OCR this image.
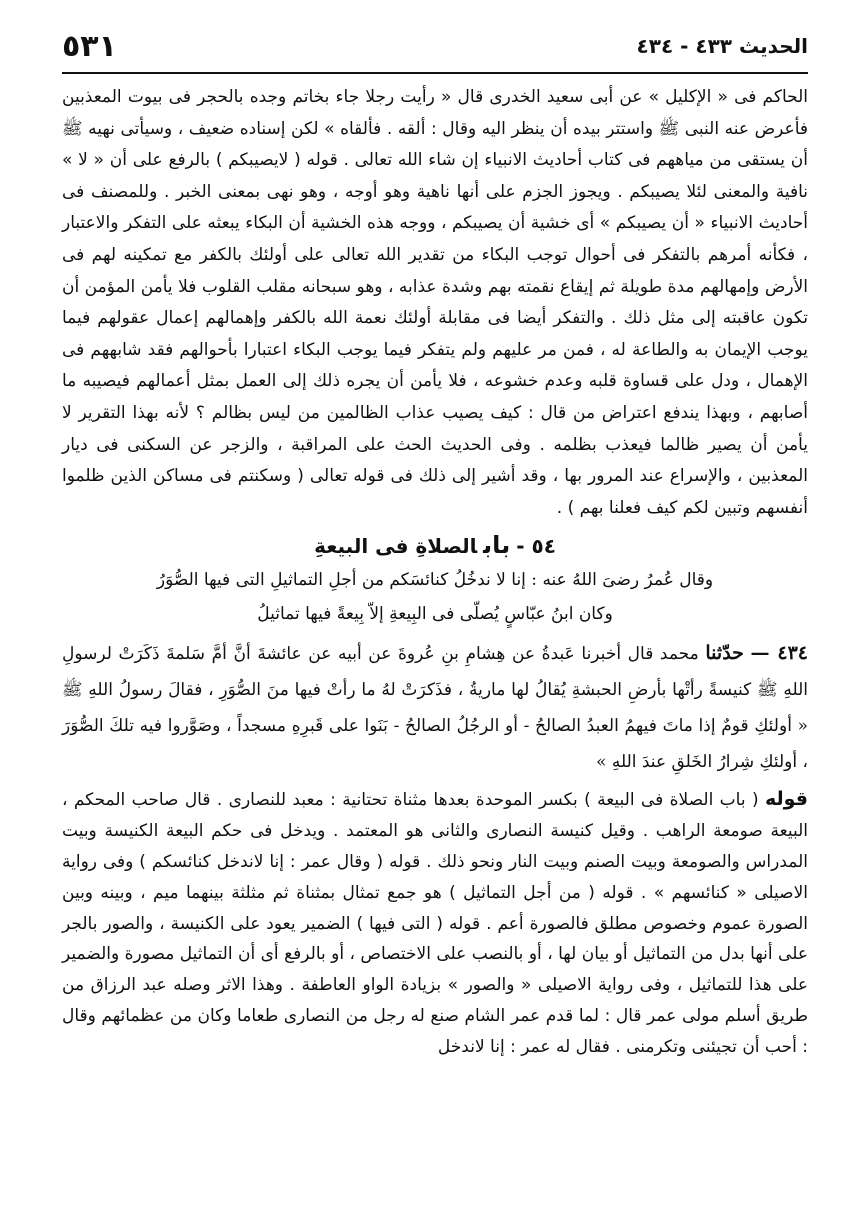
الحديث ٤٣٣ - ٤٣٤
٥٣١

الحاكم فى « الإكليل » عن أبى سعيد الخدرى قال « رأيت رجلا جاء بخاتم وجده بالحجر فى بيوت المعذبين فأعرض عنه النبى ﷺ واستتر بيده أن ينظر اليه وقال : ألقه . فألقاه » لكن إسناده ضعيف ، وسيأتى نهيه ﷺ أن يستقى من مياههم فى كتاب أحاديث الانبياء إن شاء الله تعالى . قوله ( لايصيبكم ) بالرفع على أن « لا » نافية والمعنى لئلا يصيبكم . ويجوز الجزم على أنها ناهية وهو أوجه ، وهو نهى بمعنى الخبر . وللمصنف فى أحاديث الانبياء « أن يصيبكم » أى خشية أن يصيبكم ، ووجه هذه الخشية أن البكاء يبعثه على التفكر والاعتبار ، فكأنه أمرهم بالتفكر فى أحوال توجب البكاء من تقدير الله تعالى على أولئك بالكفر مع تمكينه لهم فى الأرض وإمهالهم مدة طويلة ثم إيقاع نقمته بهم وشدة عذابه ، وهو سبحانه مقلب القلوب فلا يأمن المؤمن أن تكون عاقبته إلى مثل ذلك . والتفكر أيضا فى مقابلة أولئك نعمة الله بالكفر وإهمالهم إعمال عقولهم فيما يوجب الإيمان به والطاعة له ، فمن مر عليهم ولم يتفكر فيما يوجب البكاء اعتبارا بأحوالهم فقد شابههم فى الإهمال ، ودل على قساوة قلبه وعدم خشوعه ، فلا يأمن أن يجره ذلك إلى العمل بمثل أعمالهم فيصيبه ما أصابهم ، وبهذا يندفع اعتراض من قال : كيف يصيب عذاب الظالمين من ليس بظالم ؟ لأنه بهذا التقرير لا يأمن أن يصير ظالما فيعذب بظلمه . وفى الحديث الحث على المراقبة ، والزجر عن السكنى فى ديار المعذبين ، والإسراع عند المرور بها ، وقد أشير إلى ذلك فى قوله تعالى ( وسكنتم فى مساكن الذين ظلموا أنفسهم وتبين لكم كيف فعلنا بهم ) .

٥٤ -بابالصلاةِ فى البيعةِ

وقال عُمرُ رضىَ اللهُ عنه : إنا لا ندخُلُ كنائسَكم من أجلِ التماثيلِ التى فيها الصُّوَرُ

وكان ابنُ عبّاسٍ يُصلّى فى البِيعةِ إلاّ بِيعةً فيها تماثيلُ

٤٣٤ — حدّثنا محمد قال أخبرنا عَبدةُ عن هِشامِ بنِ عُروةَ عن أبيه عن عائشةَ أنَّ أمَّ سَلمةَ ذَكَرَتْ لرسولِ اللهِ ﷺ كنيسةً رأتْها بأرضِ الحبشةِ يُقالُ لها ماريةُ ، فذَكرَتْ لهُ ما رأتْ فيها منَ الصُّوَرِ ، فقالَ رسولُ اللهِ ﷺ « أولئكِ قومٌ إذا ماتَ فيهمُ العبدُ الصالحُ - أو الرجُلُ الصالحُ - بَنَوا على قَبرِهِ مسجداً ، وصَوَّروا فيه تلكَ الصُّوَرَ ، أولئكِ شِرارُ الخَلقِ عندَ اللهِ »

قوله ( باب الصلاة فى البيعة ) بكسر الموحدة بعدها مثناة تحتانية : معبد للنصارى . قال صاحب المحكم ، البيعة صومعة الراهب . وقيل كنيسة النصارى والثانى هو المعتمد . ويدخل فى حكم البيعة الكنيسة وبيت المدراس والصومعة وبيت الصنم وبيت النار ونحو ذلك . قوله ( وقال عمر : إنا لاندخل كنائسكم ) وفى رواية الاصيلى « كنائسهم » . قوله ( من أجل التماثيل ) هو جمع تمثال بمثناة ثم مثلثة بينهما ميم ، وبينه وبين الصورة عموم وخصوص مطلق فالصورة أعم . قوله ( التى فيها ) الضمير يعود على الكنيسة ، والصور بالجر على أنها بدل من التماثيل أو بيان لها ، أو بالنصب على الاختصاص ، أو بالرفع أى أن التماثيل مصورة والضمير على هذا للتماثيل ، وفى رواية الاصيلى « والصور » بزيادة الواو العاطفة . وهذا الاثر وصله عبد الرزاق من طريق أسلم مولى عمر قال : لما قدم عمر الشام صنع له رجل من النصارى طعاما وكان من عظمائهم وقال : أحب أن تجيئنى وتكرمنى . فقال له عمر : إنا لاندخل
